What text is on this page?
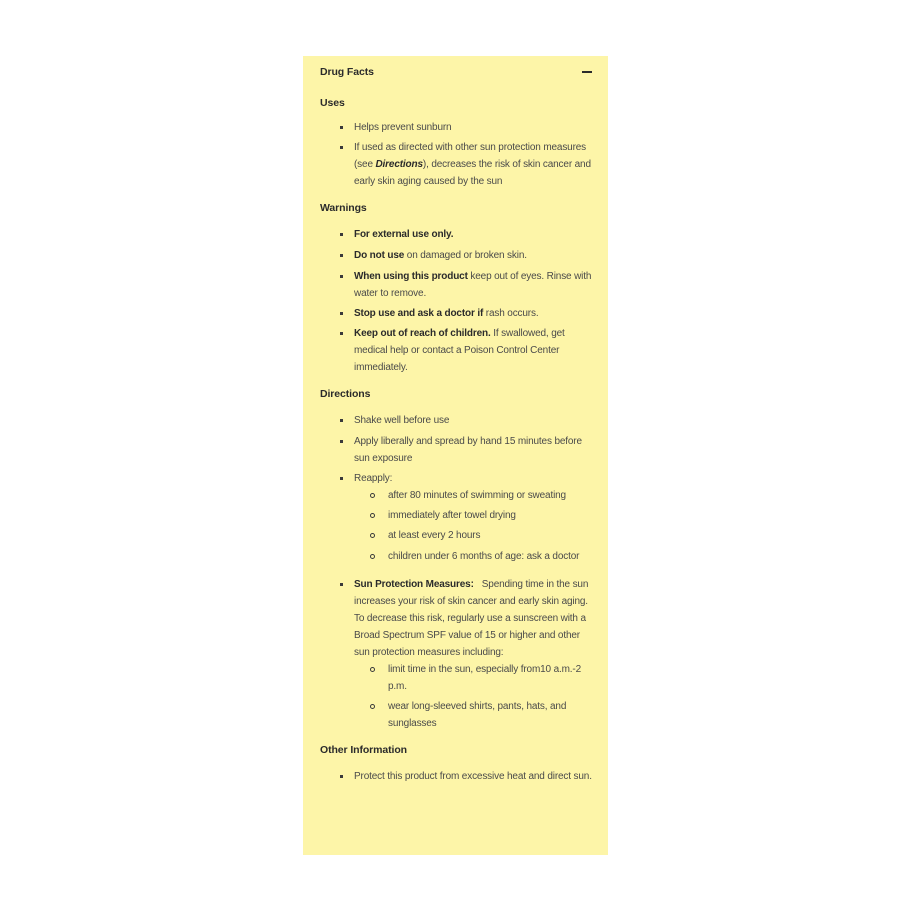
Drug Facts
Uses
Helps prevent sunburn
If used as directed with other sun protection measures (see Directions), decreases the risk of skin cancer and early skin aging caused by the sun
Warnings
For external use only.
Do not use on damaged or broken skin.
When using this product keep out of eyes. Rinse with water to remove.
Stop use and ask a doctor if rash occurs.
Keep out of reach of children. If swallowed, get medical help or contact a Poison Control Center immediately.
Directions
Shake well before use
Apply liberally and spread by hand 15 minutes before sun exposure
Reapply:
after 80 minutes of swimming or sweating
immediately after towel drying
at least every 2 hours
children under 6 months of age: ask a doctor
Sun Protection Measures: Spending time in the sun increases your risk of skin cancer and early skin aging. To decrease this risk, regularly use a sunscreen with a Broad Spectrum SPF value of 15 or higher and other sun protection measures including:
limit time in the sun, especially from10 a.m.-2 p.m.
wear long-sleeved shirts, pants, hats, and sunglasses
Other Information
Protect this product from excessive heat and direct sun.
